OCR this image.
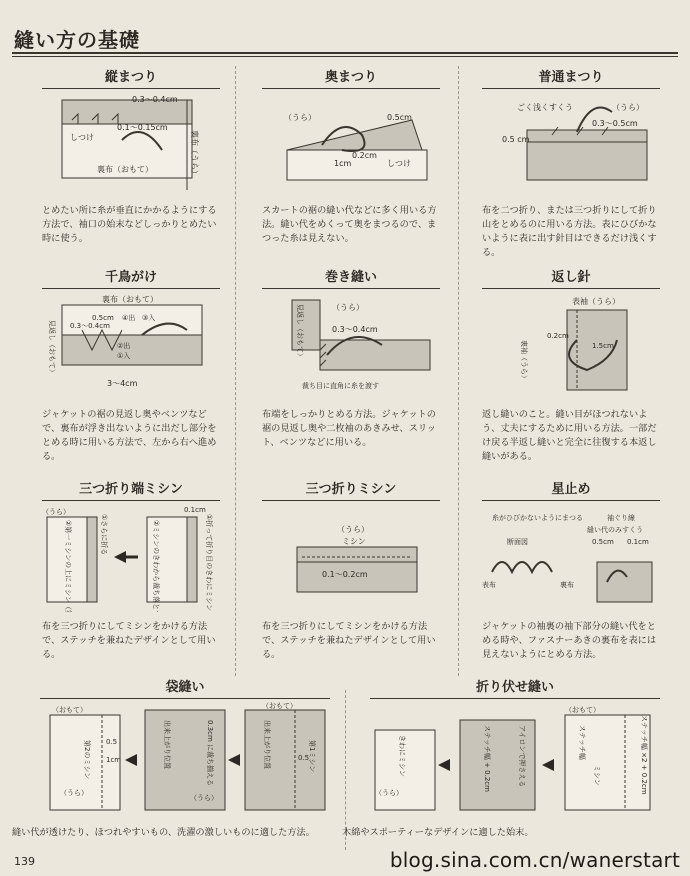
縫い方の基礎
縦まつり
0.3〜0.4cm
0.1〜0.15cm
しつけ	裏布（うら）
裏布（おもて）
とめたい所に糸が垂直にかかるようにする方法で、袖口の始末などしっかりとめたい時に使う。
奥まつり
（うら）	0.5cm
0.2cm
1cm	しつけ
スカートの裾の縫い代などに多く用いる方法。縫い代をめくって奥をまつるので、まつった糸は見えない。
普通まつり
ごく浅くすくう	（うら）
0.3〜0.5cm
0.5 cm
布を二つ折り、または三つ折りにして折り山をとめるのに用いる方法。表にひびかないように表に出す針目はできるだけ浅くする。
千鳥がけ
裏布（おもて）
見返し（おもて）
0.5cm
0.3〜0.4cm
④出 ③入
②出
①入
3〜4cm
ジャケットの裾の見返し奥やベンツなどで、裏布が浮き出ないように出だし部分をとめる時に用いる方法で、左から右へ進める。
巻き縫い
見返し（おもて）	（うら）
0.3〜0.4cm
裁ち目に直角に糸を渡す
布端をしっかりとめる方法。ジャケットの裾の見返し奥や二枚袖のあきみせ、スリット、ベンツなどに用いる。
返し針
表袖（うら）
裏袖（うら）
0.2cm
1.5cm
返し縫いのこと。縫い目がほつれないよう、丈夫にするために用いる方法。一部だけ戻る半返し縫いと完全に往復する本返し縫いがある。
三つ折り端ミシン
（うら）
②第一ミシンの上にミシン（第2ミシン）	①さらに折る	②ミシンのきわから裁ち落とす
0.1cm
①折って折り目のきわにミシン（第一ミシン）
布を三つ折りにしてミシンをかける方法で、ステッチを兼ねたデザインとして用いる。
三つ折りミシン
（うら）
ミシン
0.1〜0.2cm
布を三つ折りにしてミシンをかける方法で、ステッチを兼ねたデザインとして用いる。
星止め
糸がひびかないようにまつる
断面図
表布	裏布
袖ぐり線
縫い代のみすくう
0.5cm 0.1cm
ジャケットの袖裏の袖下部分の縫い代をとめる時や、ファスナーあきの裏布を表には見えないようにとめる方法。
袋縫い
（おもて）
第2のミシン 0.5
1cm
（うら）
出来上がり位置
（うら）
0.3cm に裁ち揃える	出来上がり位置
（おもて）
0.5
第1ミシン
縫い代が透けたり、ほつれやすいもの、洗濯の激しいものに適した方法。
折り伏せ縫い
（おもて）
（うら）
きわにミシン	アイロンで押さえる
ステッチ幅 + 0.2cm	ステッチ幅
ミシン	ステッチ幅 ×2 + 0.2cm
木綿やスポーティーなデザインに適した始末。
139	blog.sina.com.cn/wanerstart
